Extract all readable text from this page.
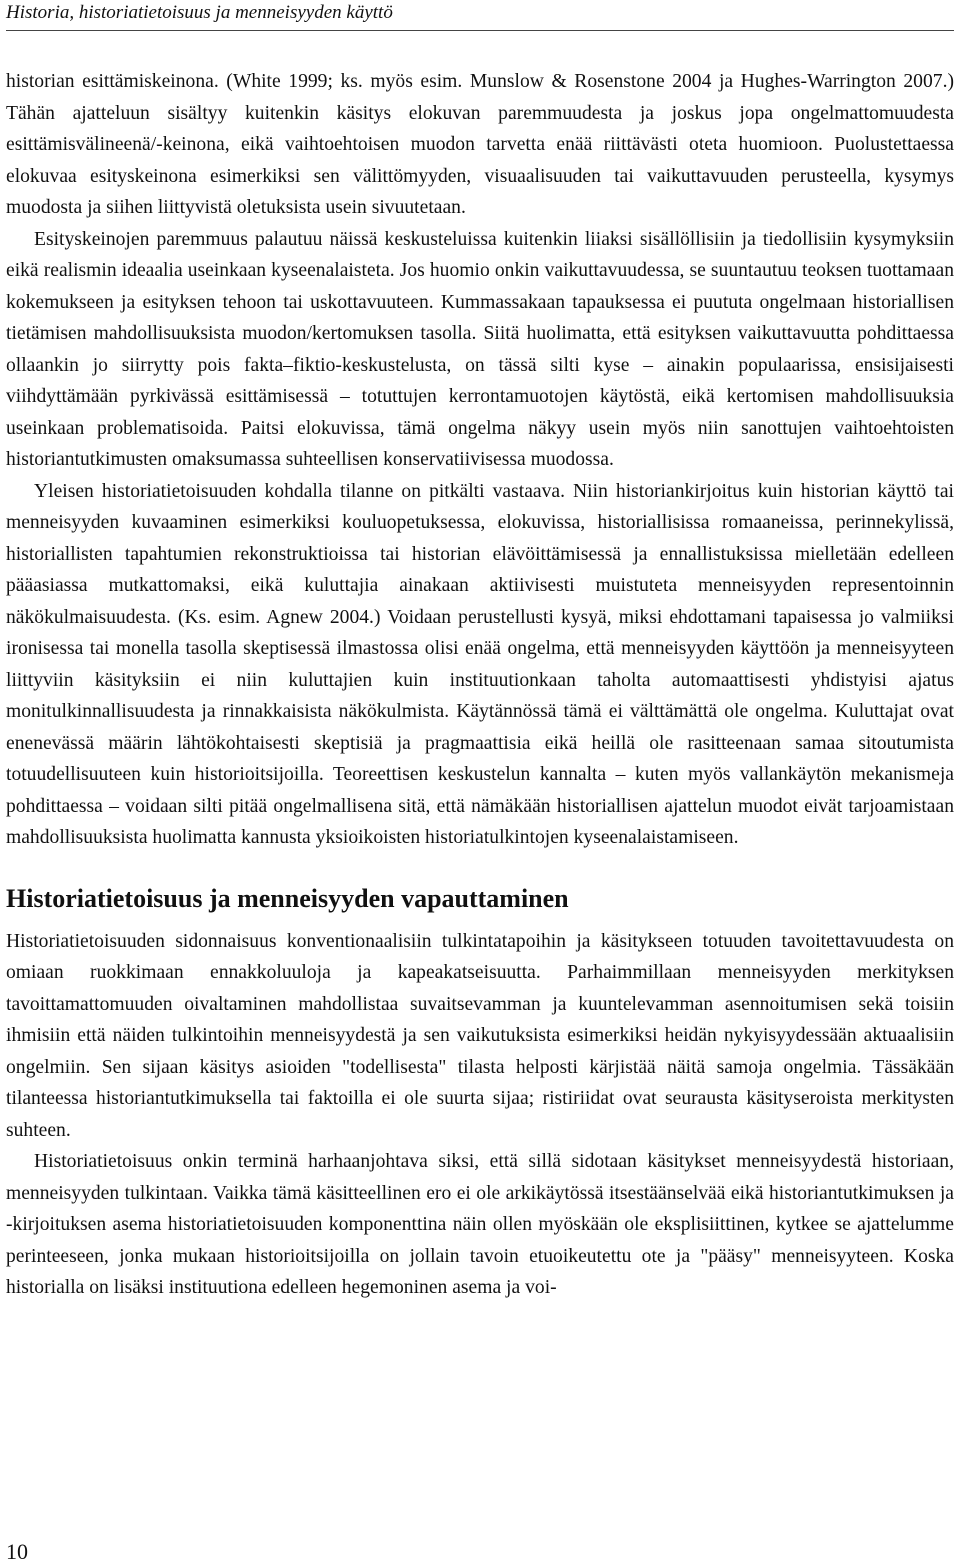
Historia, historiatietoisuus ja menneisyyden käyttö

historian esittämiskeinona. (White 1999; ks. myös esim. Munslow & Rosenstone 2004 ja Hughes-Warrington 2007.) Tähän ajatteluun sisältyy kuitenkin käsitys elokuvan paremmuudesta ja joskus jopa ongelmattomuudesta esittämisvälineenä/-keinona, eikä vaihtoehtoisen muodon tarvetta enää riittävästi oteta huomioon. Puolustettaessa elokuvaa esityskeinona esimerkiksi sen välittömyyden, visuaalisuuden tai vaikuttavuuden perusteella, kysymys muodosta ja siihen liittyvistä oletuksista usein sivuutetaan.

Esityskeinojen paremmuus palautuu näissä keskusteluissa kuitenkin liiaksi sisällöllisiin ja tiedollisiin kysymyksiin eikä realismin ideaalia useinkaan kyseenalaisteta. Jos huomio onkin vaikuttavuudessa, se suuntautuu teoksen tuottamaan kokemukseen ja esityksen tehoon tai uskottavuuteen. Kummassakaan tapauksessa ei puututa ongelmaan historiallisen tietämisen mahdollisuuksista muodon/kertomuksen tasolla. Siitä huolimatta, että esityksen vaikuttavuutta pohdittaessa ollaankin jo siirrytty pois fakta–fiktio-keskustelusta, on tässä silti kyse – ainakin populaarissa, ensisijaisesti viihdyttämään pyrkivässä esittämisessä – totuttujen kerrontamuotojen käytöstä, eikä kertomisen mahdollisuuksia useinkaan problematisoida. Paitsi elokuvissa, tämä ongelma näkyy usein myös niin sanottujen vaihtoehtoisten historiantutkimusten omaksumassa suhteellisen konservatiivisessa muodossa.

Yleisen historiatietoisuuden kohdalla tilanne on pitkälti vastaava. Niin historiankirjoitus kuin historian käyttö tai menneisyyden kuvaaminen esimerkiksi kouluopetuksessa, elokuvissa, historiallisissa romaaneissa, perinnekylissä, historiallisten tapahtumien rekonstruktioissa tai historian elävöittämisessä ja ennallistuksissa mielletään edelleen pääasiassa mutkattomaksi, eikä kuluttajia ainakaan aktiivisesti muistuteta menneisyyden representoinnin näkökulmaisuudesta. (Ks. esim. Agnew 2004.) Voidaan perustellusti kysyä, miksi ehdottamani tapaisessa jo valmiiksi ironisessa tai monella tasolla skeptisessä ilmastossa olisi enää ongelma, että menneisyyden käyttöön ja menneisyyteen liittyviin käsityksiin ei niin kuluttajien kuin instituutionkaan taholta automaattisesti yhdistyisi ajatus monitulkinnallisuudesta ja rinnakkaisista näkökulmista. Käytännössä tämä ei välttämättä ole ongelma. Kuluttajat ovat enenevässä määrin lähtökohtaisesti skeptisiä ja pragmaattisia eikä heillä ole rasitteenaan samaa sitoutumista totuudellisuuteen kuin historioitsijoilla. Teoreettisen keskustelun kannalta – kuten myös vallankäytön mekanismeja pohdittaessa – voidaan silti pitää ongelmallisena sitä, että nämäkään historiallisen ajattelun muodot eivät tarjoamistaan mahdollisuuksista huolimatta kannusta yksioikoisten historiatulkintojen kyseenalaistamiseen.

Historiatietoisuus ja menneisyyden vapauttaminen

Historiatietoisuuden sidonnaisuus konventionaalisiin tulkintatapoihin ja käsitykseen totuuden tavoitettavuudesta on omiaan ruokkimaan ennakkoluuloja ja kapeakatseisuutta. Parhaimmillaan menneisyyden merkityksen tavoittamattomuuden oivaltaminen mahdollistaa suvaitsevamman ja kuuntelevamman asennoitumisen sekä toisiin ihmisiin että näiden tulkintoihin menneisyydestä ja sen vaikutuksista esimerkiksi heidän nykyisyydessään aktuaalisiin ongelmiin. Sen sijaan käsitys asioiden "todellisesta" tilasta helposti kärjistää näitä samoja ongelmia. Tässäkään tilanteessa historiantutkimuksella tai faktoilla ei ole suurta sijaa; ristiriidat ovat seurausta käsityseroista merkitysten suhteen.

Historiatietoisuus onkin terminä harhaanjohtava siksi, että sillä sidotaan käsitykset menneisyydestä historiaan, menneisyyden tulkintaan. Vaikka tämä käsitteellinen ero ei ole arkikäytössä itsestäänselvää eikä historiantutkimuksen ja -kirjoituksen asema historiatietoisuuden komponenttina näin ollen myöskään ole eksplisiittinen, kytkee se ajattelumme perinteeseen, jonka mukaan historioitsijoilla on jollain tavoin etuoikeutettu ote ja "pääsy" menneisyyteen. Koska historialla on lisäksi instituutiona edelleen hegemoninen asema ja voi-

10
